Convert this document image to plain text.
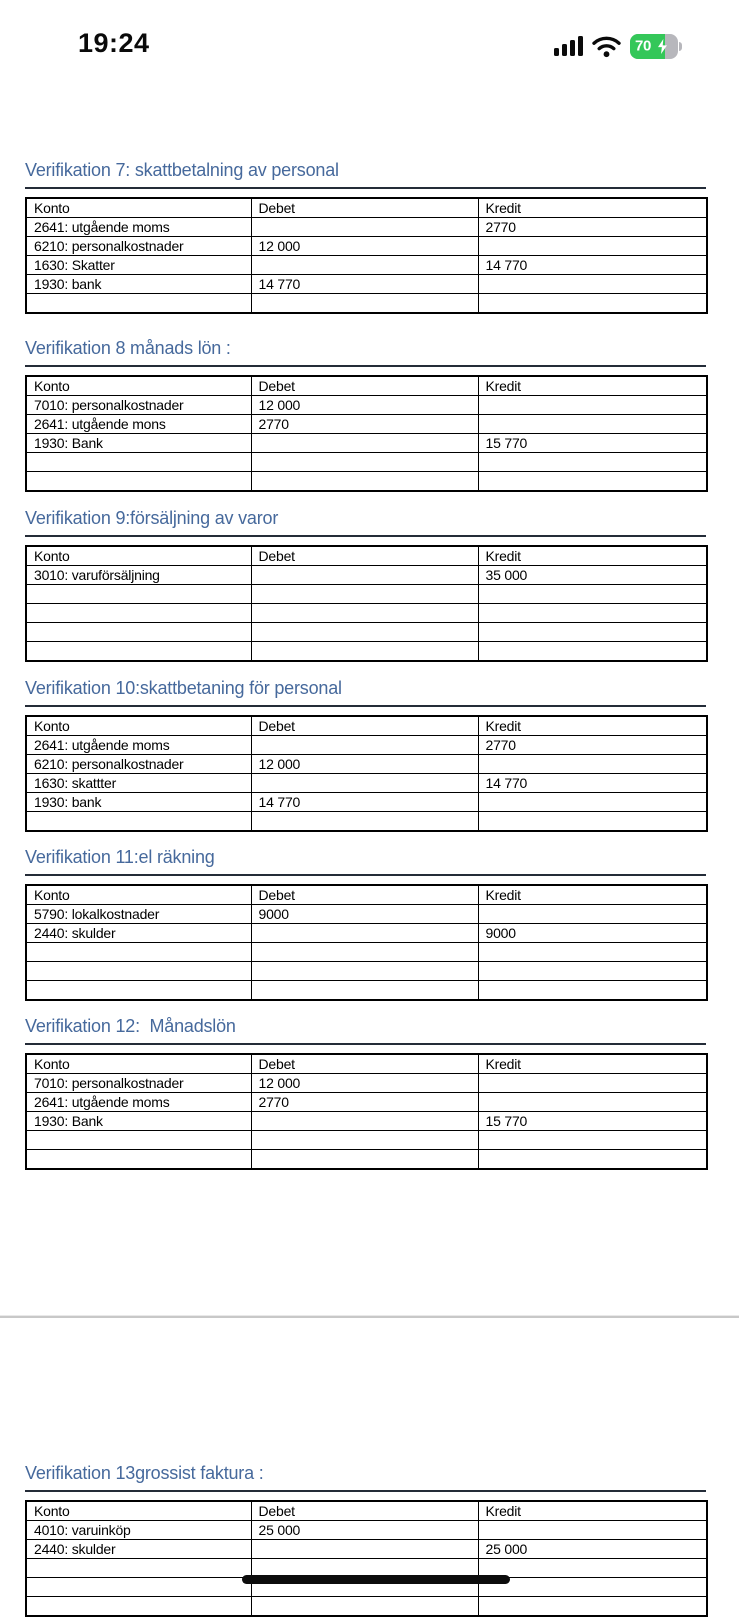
19:24	70
Verifikation 7: skattbetalning av personal
Konto	Debet	Kredit
2641: utgående moms		2770
6210: personalkostnader	12 000	
1630: Skatter		14 770
1930: bank	14 770	

Verifikation 8 månads lön :
Konto	Debet	Kredit
7010: personalkostnader	12 000	
2641: utgående mons	2770	
1930: Bank		15 770

Verifikation 9:försäljning av varor
Konto	Debet	Kredit
3010: varuförsäljning		35 000

Verifikation 10:skattbetaning för personal
Konto	Debet	Kredit
2641: utgående moms		2770
6210: personalkostnader	12 000	
1630: skattter		14 770
1930: bank	14 770	

Verifikation 11:el räkning
Konto	Debet	Kredit
5790: lokalkostnader	9000	
2440: skulder		9000

Verifikation 12:  Månadslön
Konto	Debet	Kredit
7010: personalkostnader	12 000	
2641: utgående moms	2770	
1930: Bank		15 770

Verifikation 13grossist faktura :
Konto	Debet	Kredit
4010: varuinköp	25 000	
2440: skulder		25 000
